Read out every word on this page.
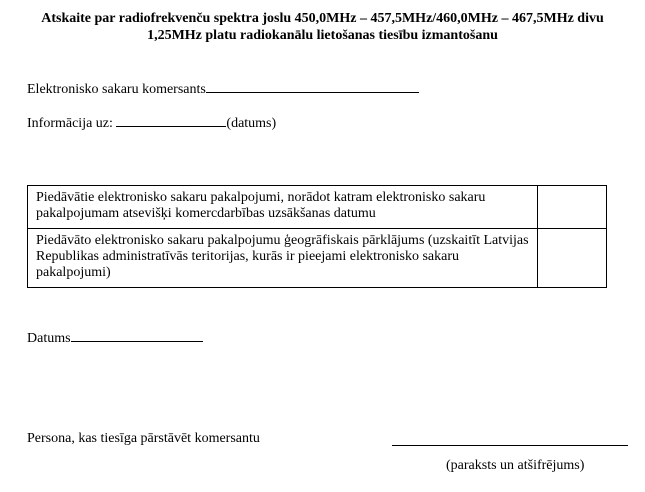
Atskaite par radiofrekvenču spektra joslu 450,0MHz – 457,5MHz/460,0MHz – 467,5MHz divu
1,25MHz platu radiokanālu lietošanas tiesību izmantošanu
Elektronisko sakaru komersants
Informācija uz:	(datums)
Piedāvātie elektronisko sakaru pakalpojumi, norādot katram elektronisko sakaru pakalpojumam atsevišķi komercdarbības uzsākšanas datumu	
Piedāvāto elektronisko sakaru pakalpojumu ģeogrāfiskais pārklājums (uzskaitīt Latvijas Republikas administratīvās teritorijas, kurās ir pieejami elektronisko sakaru pakalpojumi)	
Datums
Persona, kas tiesīga pārstāvēt komersantu
(paraksts un atšifrējums)
